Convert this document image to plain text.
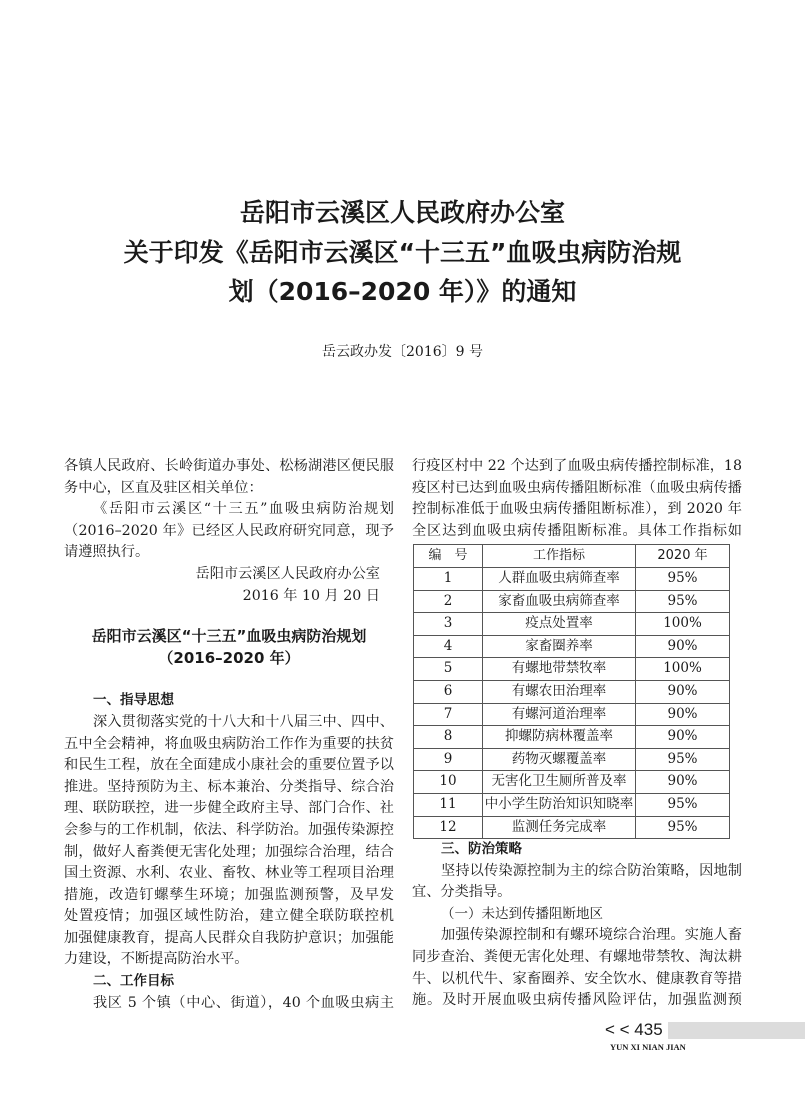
岳阳市云溪区人民政府办公室
关于印发《岳阳市云溪区“十三五”血吸虫病防治规
划（2016–2020 年）》的通知
岳云政办发〔2016〕9 号
各镇人民政府、长岭街道办事处、松杨湖港区便民服
务中心，区直及驻区相关单位：
《岳阳市云溪区“十三五”血吸虫病防治规划
（2016–2020 年》已经区人民政府研究同意，现予
请遵照执行。
岳阳市云溪区人民政府办公室
2016 年 10 月 20 日
岳阳市云溪区“十三五”血吸虫病防治规划
（2016–2020 年）
一、指导思想
深入贯彻落实党的十八大和十八届三中、四中、
五中全会精神，将血吸虫病防治工作作为重要的扶贫
和民生工程，放在全面建成小康社会的重要位置予以
推进。坚持预防为主、标本兼治、分类指导、综合治
理、联防联控，进一步健全政府主导、部门合作、社
会参与的工作机制，依法、科学防治。加强传染源控
制，做好人畜粪便无害化处理；加强综合治理，结合
国土资源、水利、农业、畜牧、林业等工程项目治理
措施，改造钉螺孳生环境；加强监测预警，及早发
处置疫情；加强区域性防治，建立健全联防联控机
加强健康教育，提高人民群众自我防护意识；加强能
力建设，不断提高防治水平。
二、工作目标
我区 5 个镇（中心、街道），40 个血吸虫病主
行疫区村中 22 个达到了血吸虫病传播控制标准，18
疫区村已达到血吸虫病传播阻断标准（血吸虫病传播
控制标准低于血吸虫病传播阻断标准），到 2020 年
全区达到血吸虫病传播阻断标准。具体工作指标如
编　号	工作指标	2020 年
1	人群血吸虫病筛查率	95%
2	家畜血吸虫病筛查率	95%
3	疫点处置率	100%
4	家畜圈养率	90%
5	有螺地带禁牧率	100%
6	有螺农田治理率	90%
7	有螺河道治理率	90%
8	抑螺防病林覆盖率	90%
9	药物灭螺覆盖率	95%
10	无害化卫生厕所普及率	90%
11	中小学生防治知识知晓率	95%
12	监测任务完成率	95%
三、防治策略
坚持以传染源控制为主的综合防治策略，因地制
宜、分类指导。
（一）未达到传播阻断地区
加强传染源控制和有螺环境综合治理。实施人畜
同步查治、粪便无害化处理、有螺地带禁牧、淘汰耕
牛、以机代牛、家畜圈养、安全饮水、健康教育等措
施。及时开展血吸虫病传播风险评估，加强监测预
< < 435
YUN XI NIAN JIAN
